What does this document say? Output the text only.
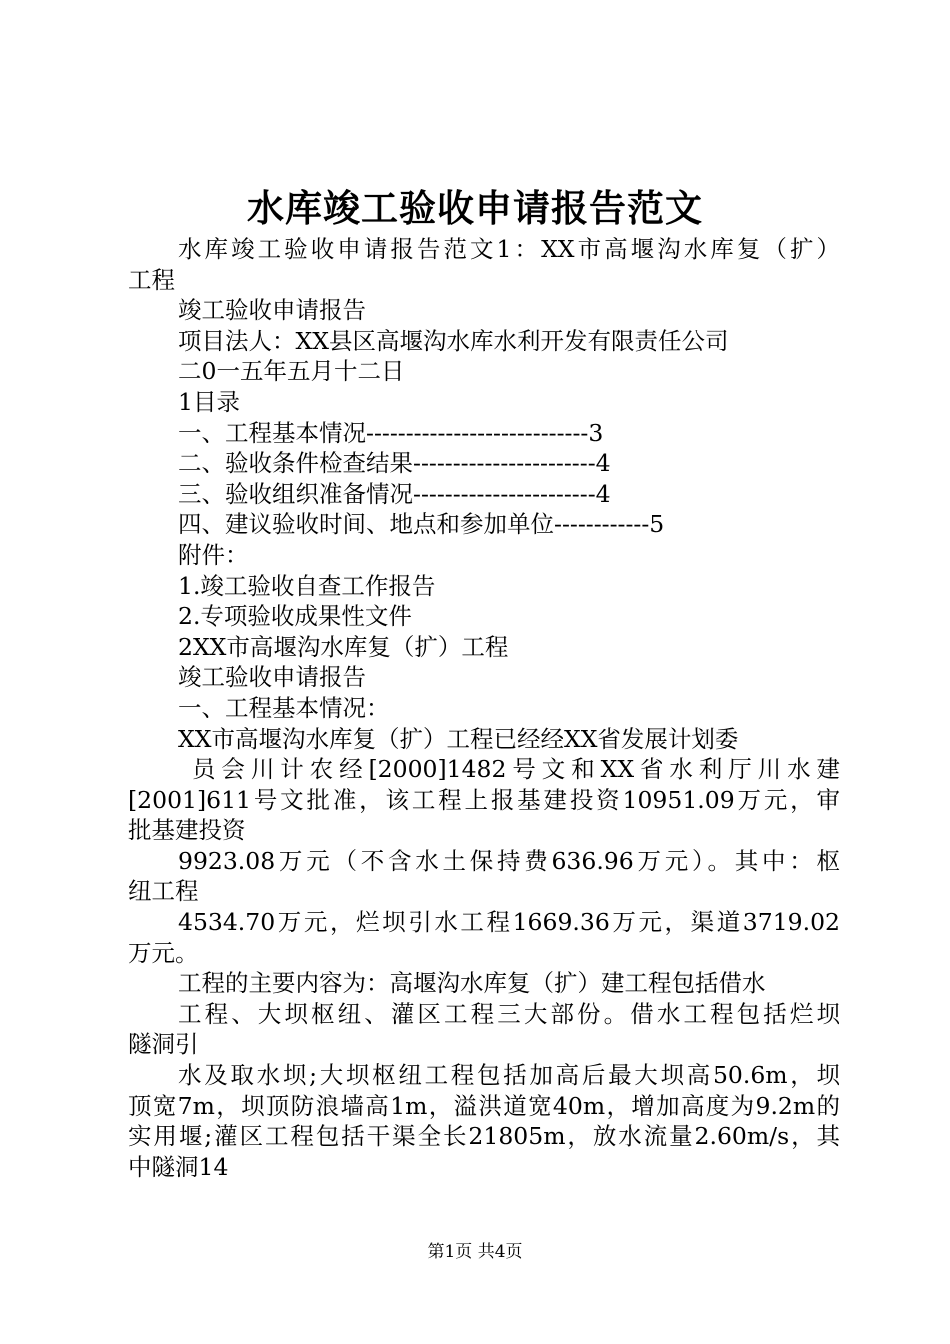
水库竣工验收申请报告范文
水库竣工验收申请报告范文1：XX市高堰沟水库复（扩）
工程
竣工验收申请报告
项目法人：XX县区高堰沟水库水利开发有限责任公司
二0一五年五月十二日
1目录
一、工程基本情况----------------------------3
二、验收条件检查结果-----------------------4
三、验收组织准备情况-----------------------4
四、建议验收时间、地点和参加单位------------5
附件：
1.竣工验收自查工作报告
2.专项验收成果性文件
2XX市高堰沟水库复（扩）工程
竣工验收申请报告
一、工程基本情况：
XX市高堰沟水库复（扩）工程已经经XX省发展计划委
员会川计农经[2000]1482号文和XX省水利厅川水建
[2001]611号文批准，该工程上报基建投资10951.09万元，审
批基建投资
9923.08万元（不含水土保持费636.96万元）。其中：枢
纽工程
4534.70万元，烂坝引水工程1669.36万元，渠道3719.02
万元。
工程的主要内容为：高堰沟水库复（扩）建工程包括借水
工程、大坝枢纽、灌区工程三大部份。借水工程包括烂坝
隧洞引
水及取水坝;大坝枢纽工程包括加高后最大坝高50.6m，坝
顶宽7m，坝顶防浪墙高1m，溢洪道宽40m，增加高度为9.2m的
实用堰;灌区工程包括干渠全长21805m，放水流量2.60m/s，其
中隧洞14
第1页 共4页
